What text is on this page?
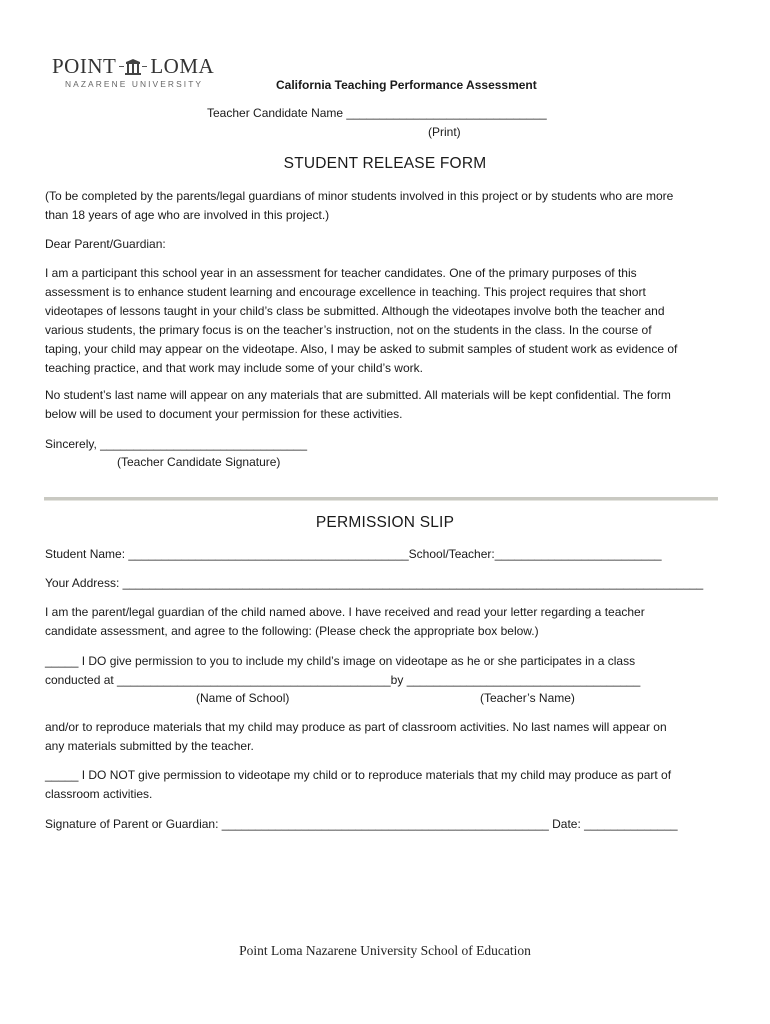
POINT LOMA
NAZARENE UNIVERSITY	California Teaching Performance Assessment

Teacher Candidate Name ______________________________

(Print)

STUDENT RELEASE FORM

(To be completed by the parents/legal guardians of minor students involved in this project or by students who are more

than 18 years of age who are involved in this project.)

Dear Parent/Guardian:

I am a participant this school year in an assessment for teacher candidates. One of the primary purposes of this

assessment is to enhance student learning and encourage excellence in teaching. This project requires that short

videotapes of lessons taught in your child’s class be submitted. Although the videotapes involve both the teacher and

various students, the primary focus is on the teacher’s instruction, not on the students in the class. In the course of

taping, your child may appear on the videotape. Also, I may be asked to submit samples of student work as evidence of

teaching practice, and that work may include some of your child’s work.

No student’s last name will appear on any materials that are submitted. All materials will be kept confidential. The form

below will be used to document your permission for these activities.

Sincerely, _______________________________

(Teacher Candidate Signature)

PERMISSION SLIP

Student Name: __________________________________________School/Teacher:_________________________

Your Address: _______________________________________________________________________________________

I am the parent/legal guardian of the child named above. I have received and read your letter regarding a teacher

candidate assessment, and agree to the following: (Please check the appropriate box below.)

_____ I DO give permission to you to include my child’s image on videotape as he or she participates in a class

conducted at _________________________________________by ___________________________________

(Name of School)	(Teacher’s Name)

and/or to reproduce materials that my child may produce as part of classroom activities. No last names will appear on

any materials submitted by the teacher.

_____ I DO NOT give permission to videotape my child or to reproduce materials that my child may produce as part of

classroom activities.

Signature of Parent or Guardian: _________________________________________________ Date: ______________

Point Loma Nazarene University School of Education
